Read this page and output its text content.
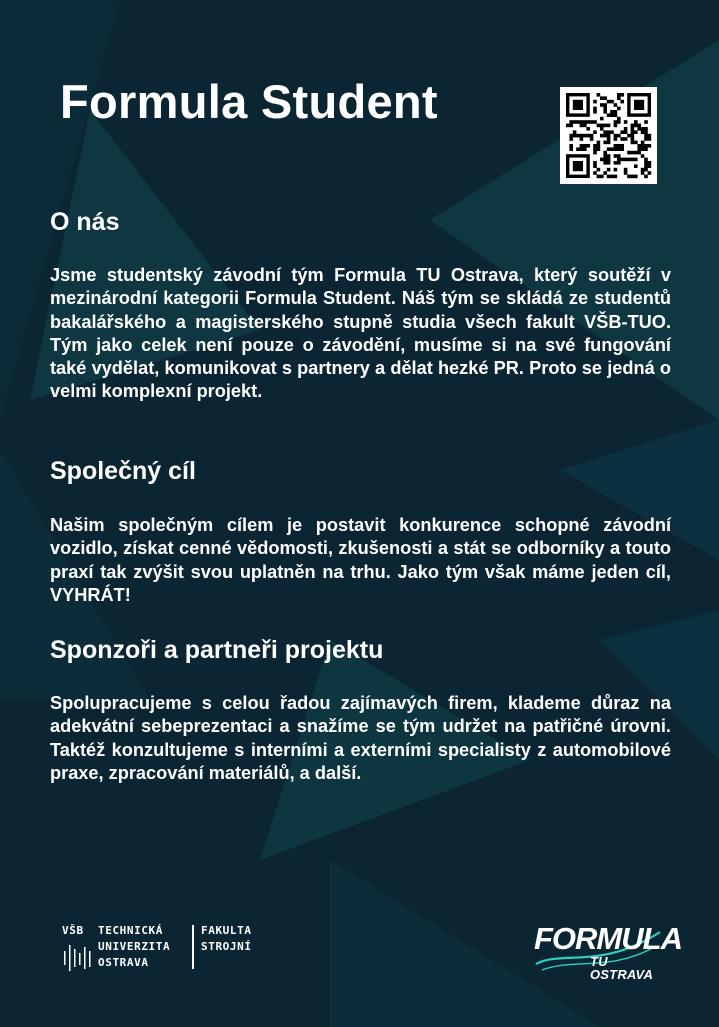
Formula Student
O nás

Jsme studentský závodní tým Formula TU Ostrava, který soutěží v mezinárodní kategorii Formula Student. Náš tým se skládá ze studentů bakalářského a magisterského stupně studia všech fakult VŠB-TUO. Tým jako celek není pouze o závodění, musíme si na své fungování také vydělat, komunikovat s partnery a dělat hezké PR. Proto se jedná o velmi komplexní projekt.

Společný cíl

Našim společným cílem je postavit konkurence schopné závodní vozidlo, získat cenné vědomosti, zkušenosti a stát se odborníky a touto praxí tak zvýšit svou uplatněn na trhu. Jako tým však máme jeden cíl, VYHRÁT!

Sponzoři a partneři projektu

Spolupracujeme s celou řadou zajímavých firem, klademe důraz na adekvátní sebeprezentaci a snažíme se tým udržet na patřičné úrovni. Taktéž konzultujeme s interními a externími specialisty z automobilové praxe, zpracování materiálů, a další.

VŠB	TECHNICKÁ
UNIVERZITA
OSTRAVA
FAKULTA
STROJNÍ	FORMULA
TU OSTRAVA
